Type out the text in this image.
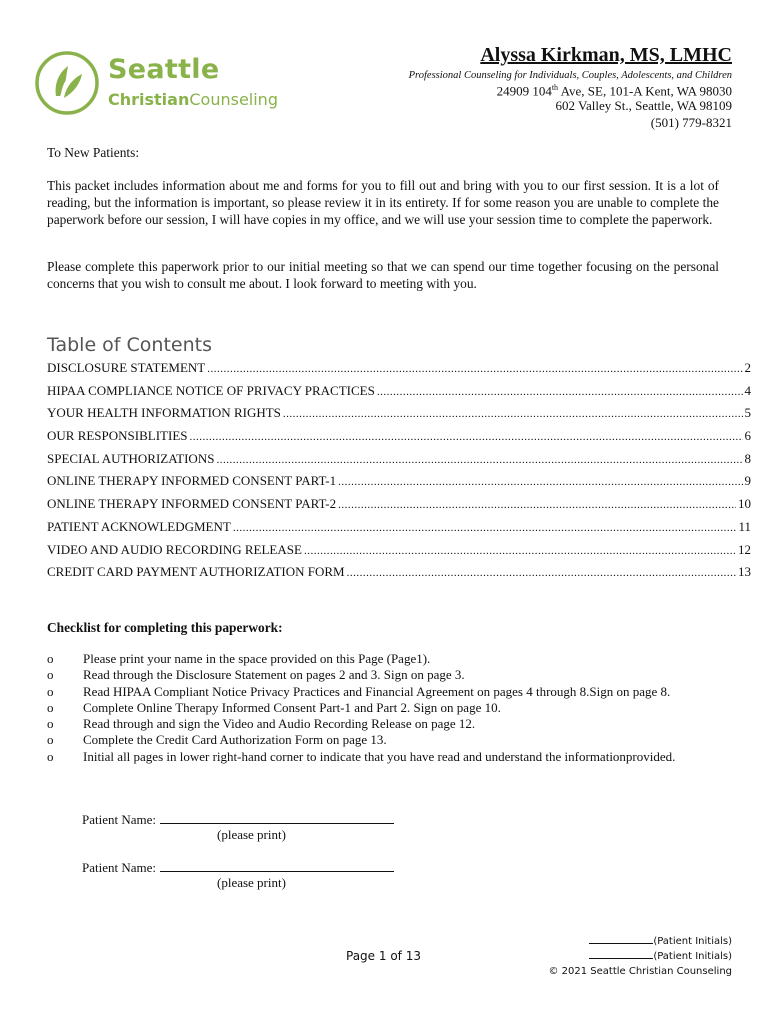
Seattle
ChristianCounseling
Alyssa Kirkman, MS, LMHC
Professional Counseling for Individuals, Couples, Adolescents, and Children
24909 104th Ave, SE, 101-A Kent, WA 98030
602 Valley St., Seattle, WA 98109
(501) 779-8321
To New Patients:
This packet includes information about me and forms for you to fill out and bring with you to our first session. It is a lot of reading, but the information is important, so please review it in its entirety. If for some reason you are unable to complete the paperwork before our session, I will have copies in my office, and we will use your session time to complete the paperwork.
Please complete this paperwork prior to our initial meeting so that we can spend our time together focusing on the personal concerns that you wish to consult me about. I look forward to meeting with you.
Table of Contents
DISCLOSURE STATEMENT .....	2
HIPAA COMPLIANCE NOTICE OF PRIVACY PRACTICES .....	4
YOUR HEALTH INFORMATION RIGHTS .....	5
OUR RESPONSIBLITIES .....	6
SPECIAL AUTHORIZATIONS .....	8
ONLINE THERAPY INFORMED CONSENT PART-1 .....	9
ONLINE THERAPY INFORMED CONSENT PART-2 .....	10
PATIENT ACKNOWLEDGMENT .....	11
VIDEO AND AUDIO RECORDING RELEASE .....	12
CREDIT CARD PAYMENT AUTHORIZATION FORM .....	13
Checklist for completing this paperwork:
o	Please print your name in the space provided on this Page (Page1).
o	Read through the Disclosure Statement on pages 2 and 3. Sign on page 3.
o	Read HIPAA Compliant Notice Privacy Practices and Financial Agreement on pages 4 through 8.Sign on page 8.
o	Complete Online Therapy Informed Consent Part-1 and Part 2. Sign on page 10.
o	Read through and sign the Video and Audio Recording Release on page 12.
o	Complete the Credit Card Authorization Form on page 13.
o	Initial all pages in lower right-hand corner to indicate that you have read and understand the informationprovided.
Patient Name:
(please print)
Patient Name:
(please print)
Page 1 of 13
(Patient Initials)
(Patient Initials)
© 2021 Seattle Christian Counseling
